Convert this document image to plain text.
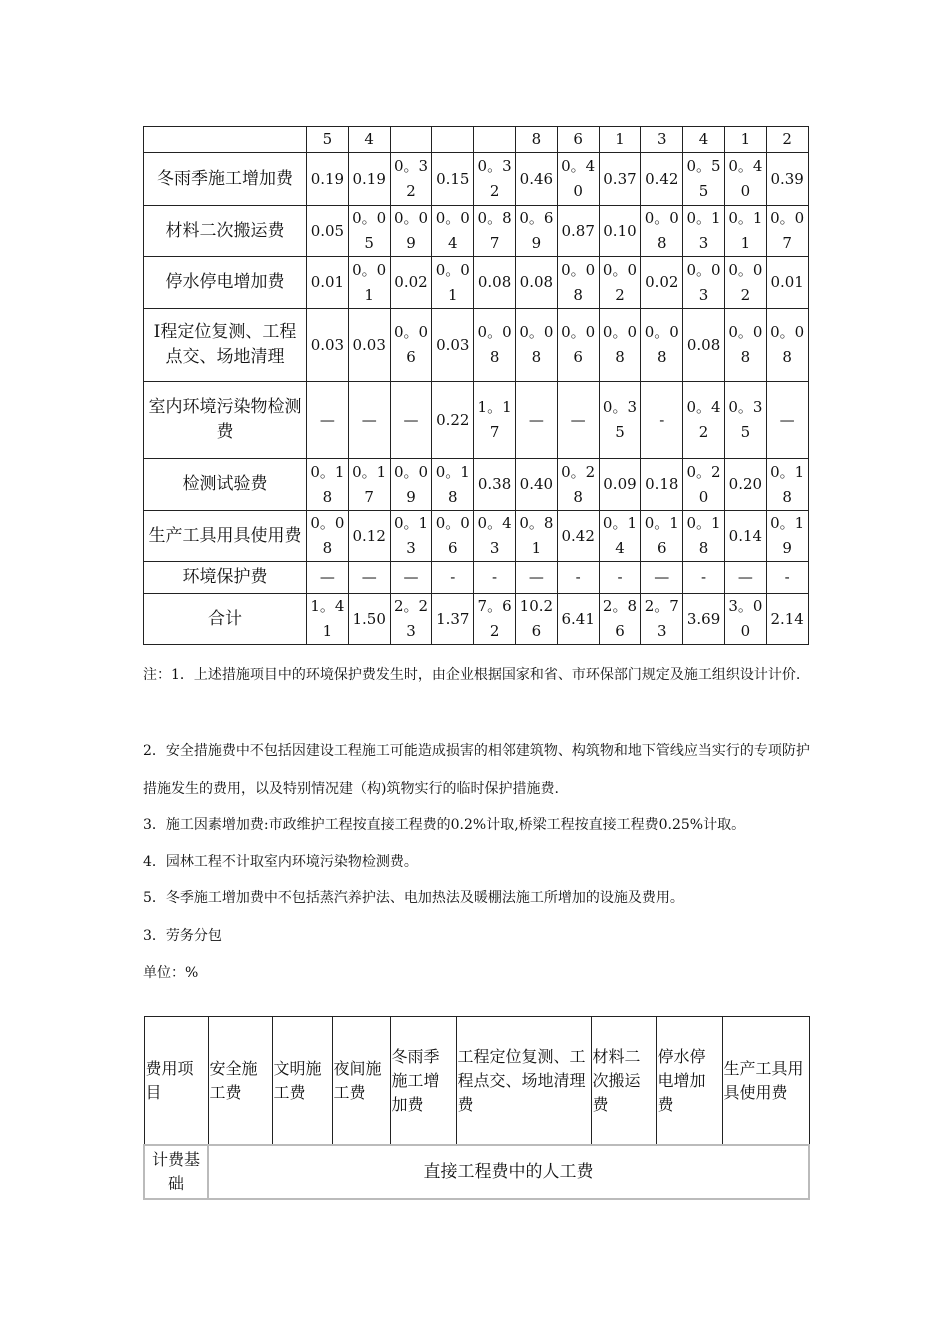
	5	4				8	6	1	3	4	1	2
冬雨季施工增加费	0.19	0.19	0。32	0.15	0。32	0.46	0。40	0.37	0.42	0。55	0。40	0.39
材料二次搬运费	0.05	0。05	0。09	0。04	0。87	0。69	0.87	0.10	0。08	0。13	0。11	0。07
停水停电增加费	0.01	0。01	0.02	0。01	0.08	0.08	0。08	0。02	0.02	0。03	0。02	0.01
I程定位复测、工程点交、场地清理	0.03	0.03	0。06	0.03	0。08	0。08	0。06	0。08	0。08	0.08	0。08	0。08
室内环境污染物检测费	—	—	—	0.22	1。17	—	—	0。35	-	0。42	0。35	—
检测试验费	0。18	0。17	0。09	0。18	0.38	0.40	0。28	0.09	0.18	0。20	0.20	0。18
生产工具用具使用费	0。08	0.12	0。13	0。06	0。43	0。81	0.42	0。14	0。16	0。18	0.14	0。19
环境保护费	—	—	—	-	-	—	-	-	—	-	—	-
合计	1。41	1.50	2。23	1.37	7。62	10.26	6.41	2。86	2。73	3.69	3。00	2.14
注：1．上述措施项目中的环境保护费发生时，由企业根据国家和省、市环保部门规定及施工组织设计计价.
2．安全措施费中不包括因建设工程施工可能造成损害的相邻建筑物、构筑物和地下管线应当实行的专项防护措施发生的费用，以及特别情况建（构)筑物实行的临时保护措施费.
3．施工因素增加费:市政维护工程按直接工程费的0.2%计取,桥梁工程按直接工程费0.25%计取。
4．园林工程不计取室内环境污染物检测费。
5．冬季施工增加费中不包括蒸汽养护法、电加热法及暖棚法施工所增加的设施及费用。
3．劳务分包
单位：%
费用项目	安全施工费	文明施工费	夜间施工费	冬雨季施工增加费	工程定位复测、工程点交、场地清理费	材料二次搬运费	停水停电增加费	生产工具用具使用费
计费基础	直接工程费中的人工费							
